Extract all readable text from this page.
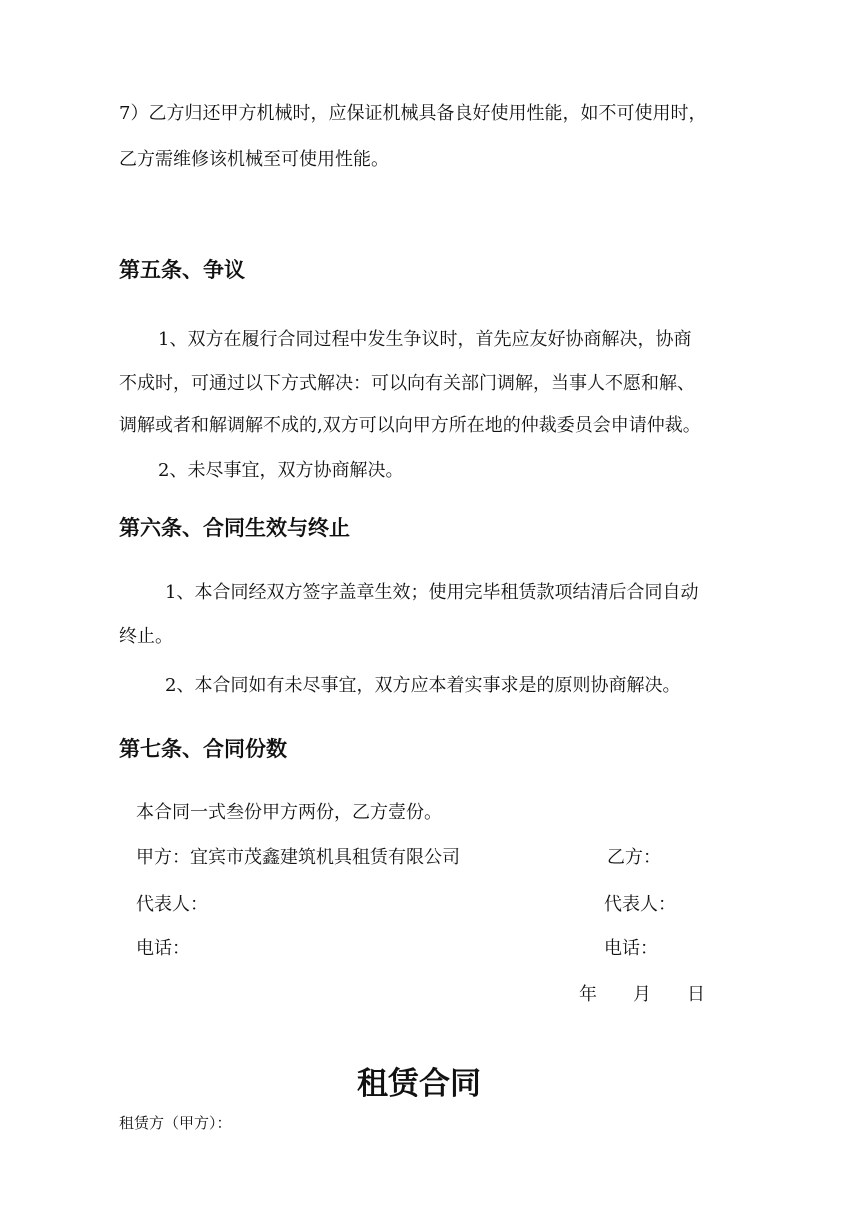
7）乙方归还甲方机械时，应保证机械具备良好使用性能，如不可使用时，

乙方需维修该机械至可使用性能。

第五条、争议

1、双方在履行合同过程中发生争议时，首先应友好协商解决，协商

不成时，可通过以下方式解决：可以向有关部门调解，当事人不愿和解、

调解或者和解调解不成的,双方可以向甲方所在地的仲裁委员会申请仲裁。

2、未尽事宜，双方协商解决。

第六条、合同生效与终止

1、本合同经双方签字盖章生效；使用完毕租赁款项结清后合同自动

终止。

2、本合同如有未尽事宜，双方应本着实事求是的原则协商解决。

第七条、合同份数

本合同一式叁份甲方两份，乙方壹份。

甲方：宜宾市茂鑫建筑机具租赁有限公司	乙方：

代表人：	代表人：

电话：	电话：

年　　月　　日

租赁合同

租赁方（甲方）：
